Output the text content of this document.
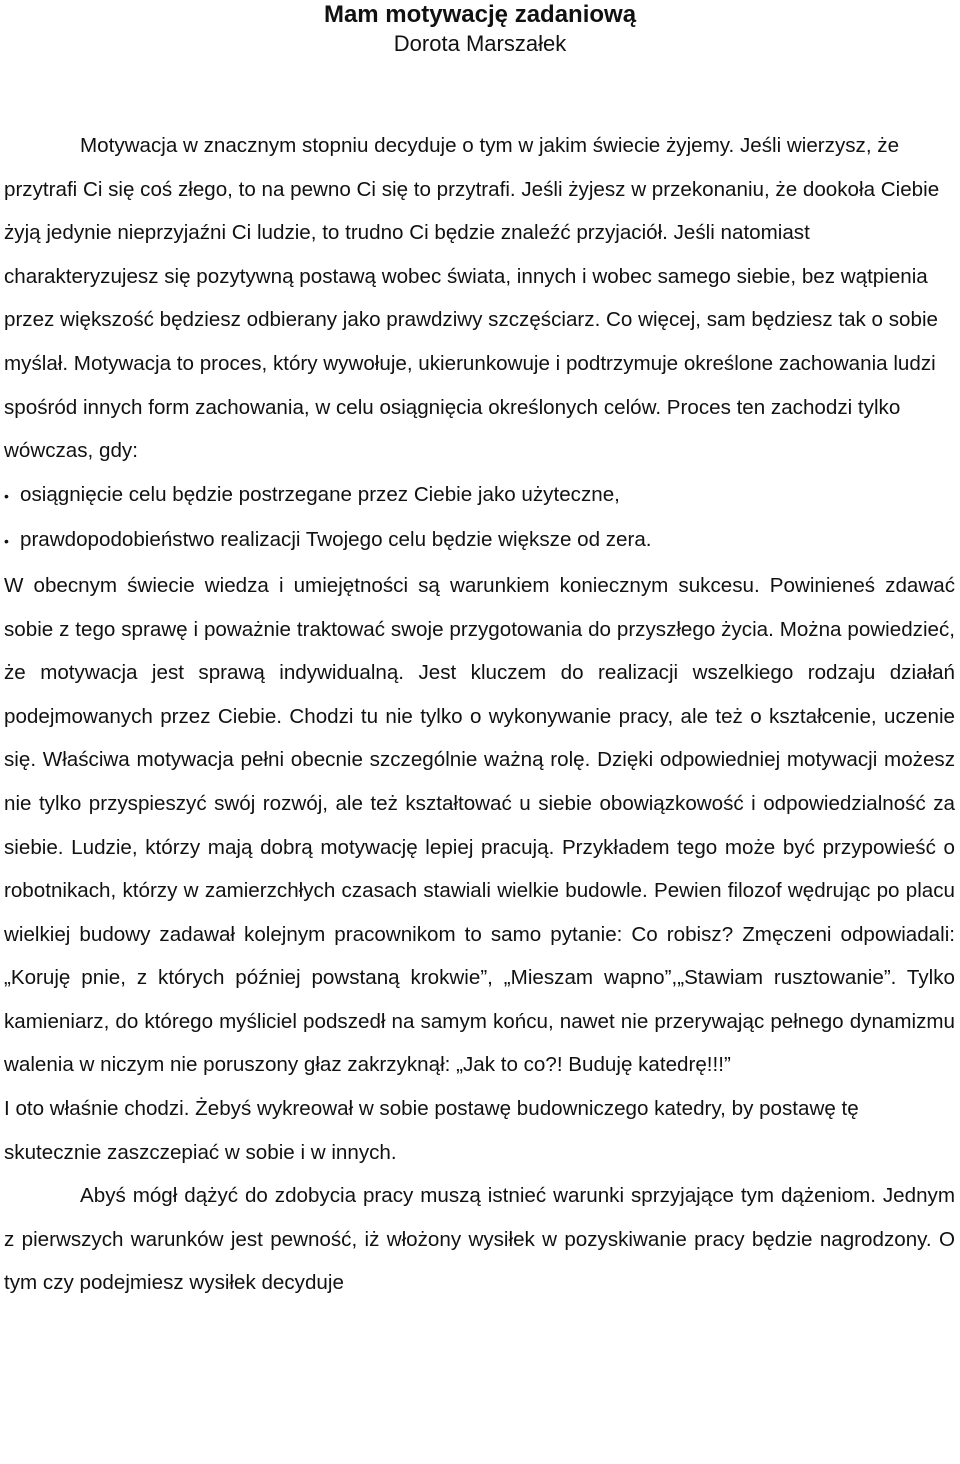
Mam motywację zadaniową
Dorota Marszałek

Motywacja w znacznym stopniu decyduje o tym w jakim świecie żyjemy. Jeśli wierzysz, że przytrafi Ci się coś złego, to na pewno Ci się to przytrafi. Jeśli żyjesz w przekonaniu, że dookoła Ciebie żyją jedynie nieprzyjaźni Ci ludzie, to trudno Ci będzie znaleźć przyjaciół. Jeśli natomiast charakteryzujesz się pozytywną postawą wobec świata, innych i wobec samego siebie, bez wątpienia przez większość będziesz odbierany jako prawdziwy szczęściarz. Co więcej, sam będziesz tak o sobie myślał. Motywacja to proces, który wywołuje, ukierunkowuje i podtrzymuje określone zachowania ludzi spośród innych form zachowania, w celu osiągnięcia określonych celów. Proces ten zachodzi tylko wówczas, gdy:

• osiągnięcie celu będzie postrzegane przez Ciebie jako użyteczne,
• prawdopodobieństwo realizacji Twojego celu będzie większe od zera.

W obecnym świecie wiedza i umiejętności są warunkiem koniecznym sukcesu. Powinieneś zdawać sobie z tego sprawę i poważnie traktować swoje przygotowania do przyszłego życia. Można powiedzieć, że motywacja jest sprawą indywidualną. Jest kluczem do realizacji wszelkiego rodzaju działań podejmowanych przez Ciebie. Chodzi tu nie tylko o wykonywanie pracy, ale też o kształcenie, uczenie się. Właściwa motywacja pełni obecnie szczególnie ważną rolę. Dzięki odpowiedniej motywacji możesz nie tylko przyspieszyć swój rozwój, ale też kształtować u siebie obowiązkowość i odpowiedzialność za siebie. Ludzie, którzy mają dobrą motywację lepiej pracują. Przykładem tego może być przypowieść o robotnikach, którzy w zamierzchłych czasach stawiali wielkie budowle. Pewien filozof wędrując po placu wielkiej budowy zadawał kolejnym pracownikom to samo pytanie: Co robisz? Zmęczeni odpowiadali: „Koruję pnie, z których później powstaną krokwie”, „Mieszam wapno”,„Stawiam rusztowanie”. Tylko kamieniarz, do którego myśliciel podszedł na samym końcu, nawet nie przerywając pełnego dynamizmu walenia w niczym nie poruszony głaz zakrzyknął: „Jak to co?! Buduję katedrę!!!”

I oto właśnie chodzi. Żebyś wykreował w sobie postawę budowniczego katedry, by postawę tę skutecznie zaszczepiać w sobie i w innych.

Abyś mógł dążyć do zdobycia pracy muszą istnieć warunki sprzyjające tym dążeniom. Jednym z pierwszych warunków jest pewność, iż włożony wysiłek w pozyskiwanie pracy będzie nagrodzony. O tym czy podejmiesz wysiłek decyduje
